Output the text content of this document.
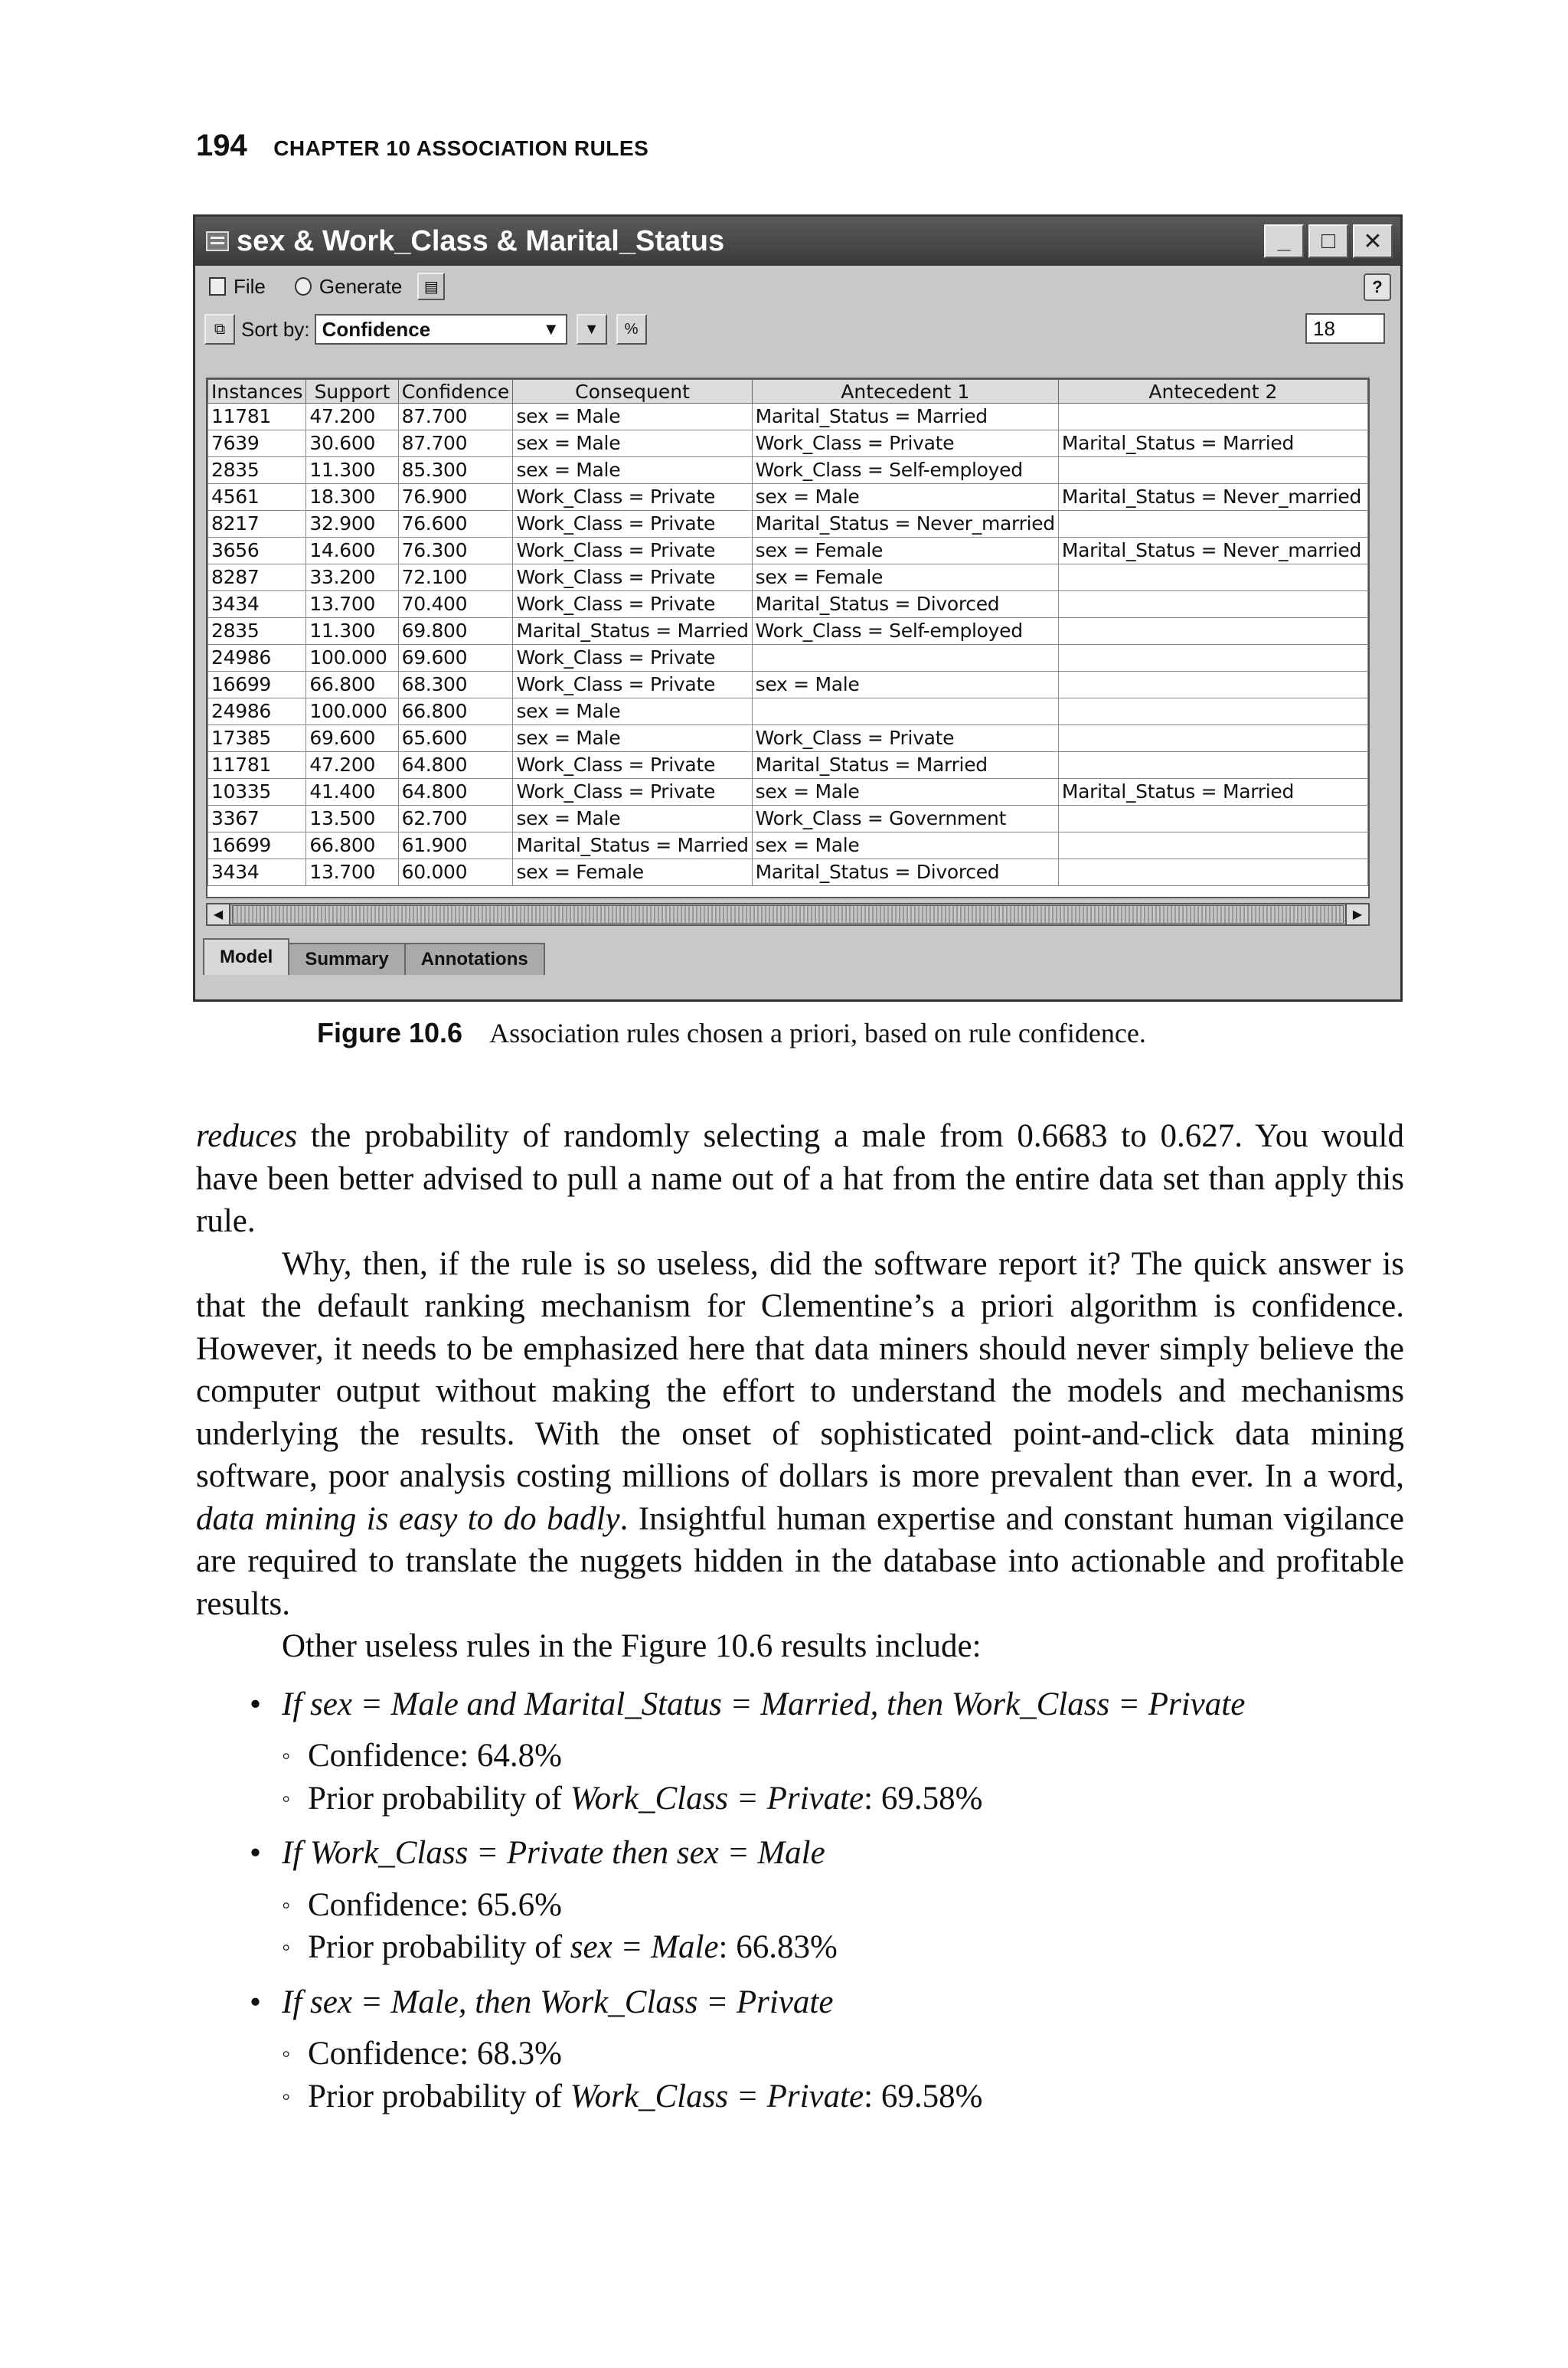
194 CHAPTER 10 ASSOCIATION RULES
sex & Work_Class & Marital_Status	_ □ ✕
File	Generate ▤	?
⧉ Sort by: Confidence	▼ ▼ %	18
Instances	Support	Confidence	Consequent	Antecedent 1	Antecedent 2
11781	47.200	87.700	sex = Male	Marital_Status = Married	
7639	30.600	87.700	sex = Male	Work_Class = Private	Marital_Status = Married
2835	11.300	85.300	sex = Male	Work_Class = Self-employed	
4561	18.300	76.900	Work_Class = Private	sex = Male	Marital_Status = Never_married
8217	32.900	76.600	Work_Class = Private	Marital_Status = Never_married	
3656	14.600	76.300	Work_Class = Private	sex = Female	Marital_Status = Never_married
8287	33.200	72.100	Work_Class = Private	sex = Female	
3434	13.700	70.400	Work_Class = Private	Marital_Status = Divorced	
2835	11.300	69.800	Marital_Status = Married	Work_Class = Self-employed	
24986	100.000	69.600	Work_Class = Private		
16699	66.800	68.300	Work_Class = Private	sex = Male	
24986	100.000	66.800	sex = Male		
17385	69.600	65.600	sex = Male	Work_Class = Private	
11781	47.200	64.800	Work_Class = Private	Marital_Status = Married	
10335	41.400	64.800	Work_Class = Private	sex = Male	Marital_Status = Married
3367	13.500	62.700	sex = Male	Work_Class = Government	
16699	66.800	61.900	Marital_Status = Married	sex = Male	
3434	13.700	60.000	sex = Female	Marital_Status = Divorced	
◀	▶
Model	Summary	Annotations
Figure 10.6 Association rules chosen a priori, based on rule confidence.

reduces the probability of randomly selecting a male from 0.6683 to 0.627. You would have been better advised to pull a name out of a hat from the entire data set than apply this rule.

Why, then, if the rule is so useless, did the software report it? The quick answer is that the default ranking mechanism for Clementine’s a priori algorithm is confidence. However, it needs to be emphasized here that data miners should never simply believe the computer output without making the effort to understand the models and mechanisms underlying the results. With the onset of sophisticated point-and-click data mining software, poor analysis costing millions of dollars is more prevalent than ever. In a word, data mining is easy to do badly. Insightful human expertise and constant human vigilance are required to translate the nuggets hidden in the database into actionable and profitable results.

Other useless rules in the Figure 10.6 results include:

• If sex = Male and Marital_Status = Married, then Work_Class = Private
◦ Confidence: 64.8%
◦ Prior probability of Work_Class = Private: 69.58%
• If Work_Class = Private then sex = Male
◦ Confidence: 65.6%
◦ Prior probability of sex = Male: 66.83%
• If sex = Male, then Work_Class = Private
◦ Confidence: 68.3%
◦ Prior probability of Work_Class = Private: 69.58%
